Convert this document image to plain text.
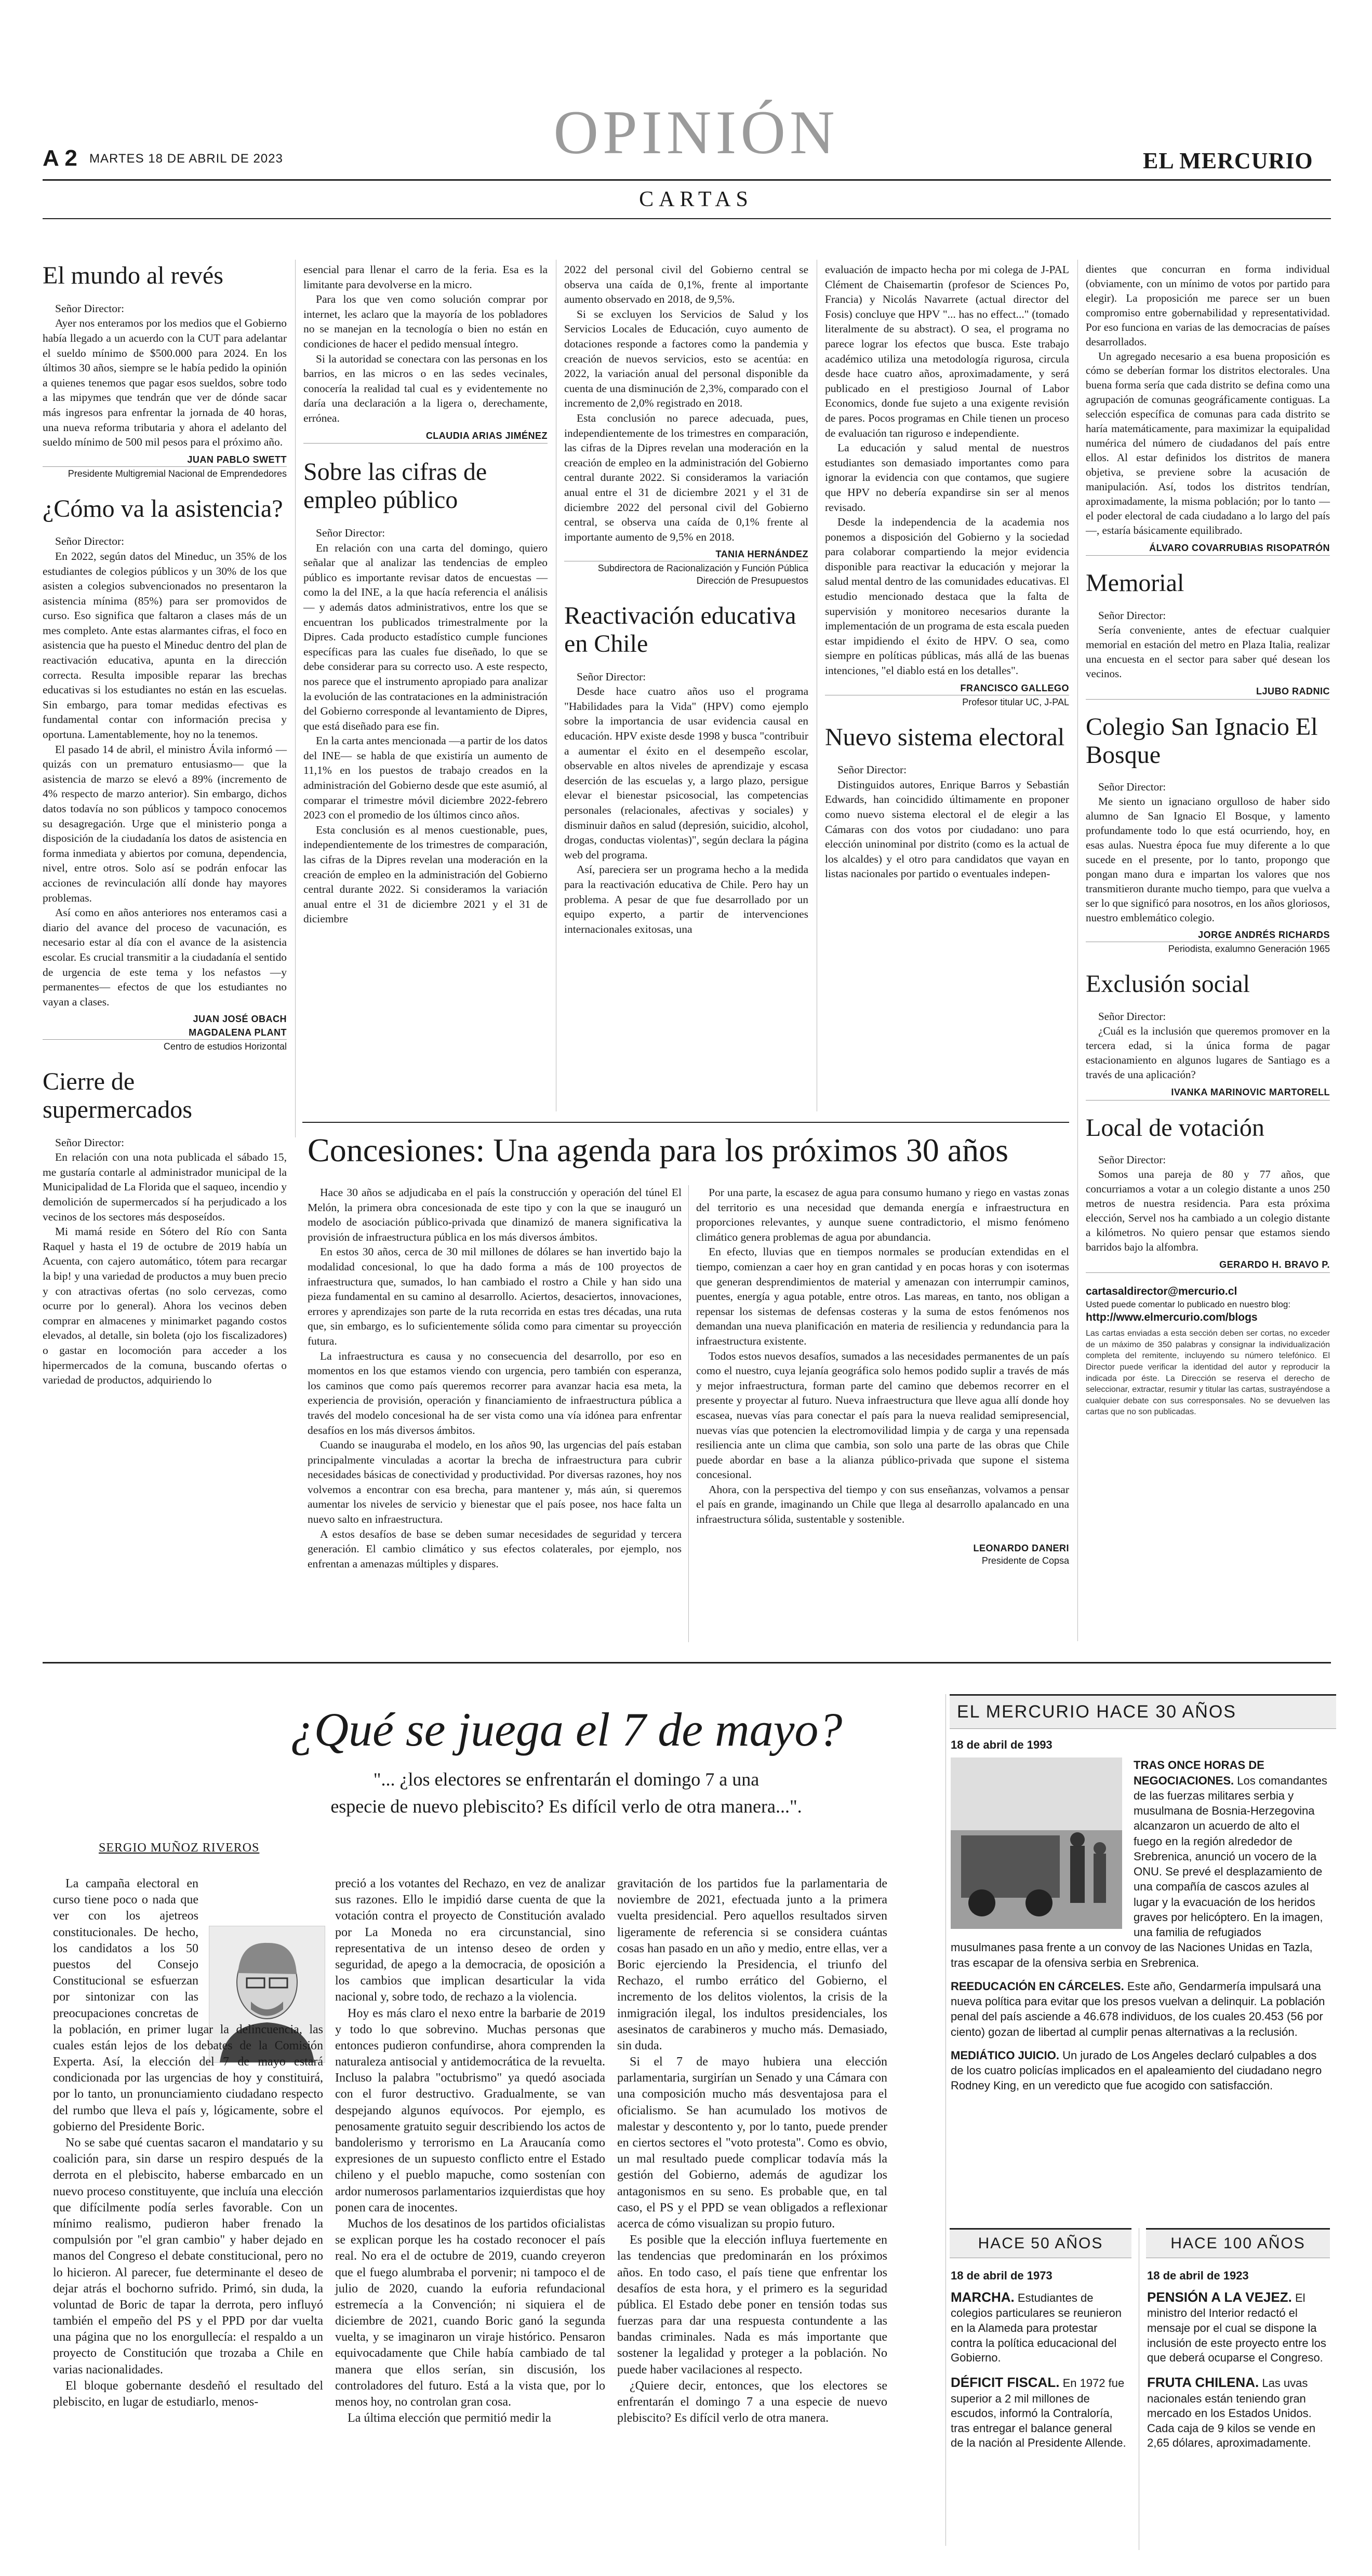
A 2 MARTES 18 DE ABRIL DE 2023	OPINIÓN	EL MERCURIO
CARTAS
El mundo al revés

Señor Director:

Ayer nos enteramos por los medios que el Gobierno había llegado a un acuerdo con la CUT para adelantar el sueldo mínimo de $500.000 para 2024. En los últimos 30 años, siempre se le había pedido la opinión a quienes tenemos que pagar esos sueldos, sobre todo a las mipymes que tendrán que ver de dónde sacar más ingresos para enfrentar la jornada de 40 horas, una nueva reforma tributaria y ahora el adelanto del sueldo mínimo de 500 mil pesos para el próximo año.

JUAN PABLO SWETT
Presidente Multigremial Nacional de Emprendedores
¿Cómo va la asistencia?

Señor Director:

En 2022, según datos del Mineduc, un 35% de los estudiantes de colegios públicos y un 30% de los que asisten a colegios subvencionados no presentaron la asistencia mínima (85%) para ser promovidos de curso. Eso significa que faltaron a clases más de un mes completo. Ante estas alarmantes cifras, el foco en asistencia que ha puesto el Mineduc dentro del plan de reactivación educativa, apunta en la dirección correcta. Resulta imposible reparar las brechas educativas si los estudiantes no están en las escuelas. Sin embargo, para tomar medidas efectivas es fundamental contar con información precisa y oportuna. Lamentablemente, hoy no la tenemos.

El pasado 14 de abril, el ministro Ávila informó —quizás con un prematuro entusiasmo— que la asistencia de marzo se elevó a 89% (incremento de 4% respecto de marzo anterior). Sin embargo, dichos datos todavía no son públicos y tampoco conocemos su desagregación. Urge que el ministerio ponga a disposición de la ciudadanía los datos de asistencia en forma inmediata y abiertos por comuna, dependencia, nivel, entre otros. Solo así se podrán enfocar las acciones de revinculación allí donde hay mayores problemas.

Así como en años anteriores nos enteramos casi a diario del avance del proceso de vacunación, es necesario estar al día con el avance de la asistencia escolar. Es crucial transmitir a la ciudadanía el sentido de urgencia de este tema y los nefastos —y permanentes— efectos de que los estudiantes no vayan a clases.

JUAN JOSÉ OBACH
MAGDALENA PLANT
Centro de estudios Horizontal
Cierre de supermercados

Señor Director:

En relación con una nota publicada el sábado 15, me gustaría contarle al administrador municipal de la Municipalidad de La Florida que el saqueo, incendio y demolición de supermercados sí ha perjudicado a los vecinos de los sectores más desposeídos.

Mi mamá reside en Sótero del Río con Santa Raquel y hasta el 19 de octubre de 2019 había un Acuenta, con cajero automático, tótem para recargar la bip! y una variedad de productos a muy buen precio y con atractivas ofertas (no solo cervezas, como ocurre por lo general). Ahora los vecinos deben comprar en almacenes y minimarket pagando costos elevados, al detalle, sin boleta (ojo los fiscalizadores) o gastar en locomoción para acceder a los hipermercados de la comuna, buscando ofertas o variedad de productos, adquiriendo lo

esencial para llenar el carro de la feria. Esa es la limitante para devolverse en la micro.

Para los que ven como solución comprar por internet, les aclaro que la mayoría de los pobladores no se manejan en la tecnología o bien no están en condiciones de hacer el pedido mensual íntegro.

Si la autoridad se conectara con las personas en los barrios, en las micros o en las sedes vecinales, conocería la realidad tal cual es y evidentemente no daría una declaración a la ligera o, derechamente, errónea.

CLAUDIA ARIAS JIMÉNEZ
Sobre las cifras de empleo público

Señor Director:

En relación con una carta del domingo, quiero señalar que al analizar las tendencias de empleo público es importante revisar datos de encuestas —como la del INE, a la que hacía referencia el análisis— y además datos administrativos, entre los que se encuentran los publicados trimestralmente por la Dipres. Cada producto estadístico cumple funciones específicas para las cuales fue diseñado, lo que se debe considerar para su correcto uso. A este respecto, nos parece que el instrumento apropiado para analizar la evolución de las contrataciones en la administración del Gobierno corresponde al levantamiento de Dipres, que está diseñado para ese fin.

En la carta antes mencionada —a partir de los datos del INE— se habla de que existiría un aumento de 11,1% en los puestos de trabajo creados en la administración del Gobierno desde que este asumió, al comparar el trimestre móvil diciembre 2022-febrero 2023 con el promedio de los últimos cinco años.

Esta conclusión es al menos cuestionable, pues, independientemente de los trimestres de comparación, las cifras de la Dipres revelan una moderación en la creación de empleo en la administración del Gobierno central durante 2022. Si consideramos la variación anual entre el 31 de diciembre 2021 y el 31 de diciembre

2022 del personal civil del Gobierno central se observa una caída de 0,1%, frente al importante aumento observado en 2018, de 9,5%.

Si se excluyen los Servicios de Salud y los Servicios Locales de Educación, cuyo aumento de dotaciones responde a factores como la pandemia y creación de nuevos servicios, esto se acentúa: en 2022, la variación anual del personal disponible da cuenta de una disminución de 2,3%, comparado con el incremento de 2,0% registrado en 2018.

Esta conclusión no parece adecuada, pues, independientemente de los trimestres en comparación, las cifras de la Dipres revelan una moderación en la creación de empleo en la administración del Gobierno central durante 2022. Si consideramos la variación anual entre el 31 de diciembre 2021 y el 31 de diciembre 2022 del personal civil del Gobierno central, se observa una caída de 0,1% frente al importante aumento de 9,5% en 2018.

TANIA HERNÁNDEZ
Subdirectora de Racionalización y Función Pública Dirección de Presupuestos
Reactivación educativa en Chile

Señor Director:

Desde hace cuatro años uso el programa "Habilidades para la Vida" (HPV) como ejemplo sobre la importancia de usar evidencia causal en educación. HPV existe desde 1998 y busca "contribuir a aumentar el éxito en el desempeño escolar, observable en altos niveles de aprendizaje y escasa deserción de las escuelas y, a largo plazo, persigue elevar el bienestar psicosocial, las competencias personales (relacionales, afectivas y sociales) y disminuir daños en salud (depresión, suicidio, alcohol, drogas, conductas violentas)", según declara la página web del programa.

Así, pareciera ser un programa hecho a la medida para la reactivación educativa de Chile. Pero hay un problema. A pesar de que fue desarrollado por un equipo experto, a partir de intervenciones internacionales exitosas, una

evaluación de impacto hecha por mi colega de J-PAL Clément de Chaisemartin (profesor de Sciences Po, Francia) y Nicolás Navarrete (actual director del Fosis) concluye que HPV "... has no effect..." (tomado literalmente de su abstract). O sea, el programa no parece lograr los efectos que busca. Este trabajo académico utiliza una metodología rigurosa, circula desde hace cuatro años, aproximadamente, y será publicado en el prestigioso Journal of Labor Economics, donde fue sujeto a una exigente revisión de pares. Pocos programas en Chile tienen un proceso de evaluación tan riguroso e independiente.

La educación y salud mental de nuestros estudiantes son demasiado importantes como para ignorar la evidencia con que contamos, que sugiere que HPV no debería expandirse sin ser al menos revisado.

Desde la independencia de la academia nos ponemos a disposición del Gobierno y la sociedad para colaborar compartiendo la mejor evidencia disponible para reactivar la educación y mejorar la salud mental dentro de las comunidades educativas. El estudio mencionado destaca que la falta de supervisión y monitoreo necesarios durante la implementación de un programa de esta escala pueden estar impidiendo el éxito de HPV. O sea, como siempre en políticas públicas, más allá de las buenas intenciones, "el diablo está en los detalles".

FRANCISCO GALLEGO
Profesor titular UC, J-PAL
Nuevo sistema electoral

Señor Director:

Distinguidos autores, Enrique Barros y Sebastián Edwards, han coincidido últimamente en proponer como nuevo sistema electoral el de elegir a las Cámaras con dos votos por ciudadano: uno para elección uninominal por distrito (como es la actual de los alcaldes) y el otro para candidatos que vayan en listas nacionales por partido o eventuales indepen-

dientes que concurran en forma individual (obviamente, con un mínimo de votos por partido para elegir). La proposición me parece ser un buen compromiso entre gobernabilidad y representatividad. Por eso funciona en varias de las democracias de países desarrollados.

Un agregado necesario a esa buena proposición es cómo se deberían formar los distritos electorales. Una buena forma sería que cada distrito se defina como una agrupación de comunas geográficamente contiguas. La selección específica de comunas para cada distrito se haría matemáticamente, para maximizar la equipalidad numérica del número de ciudadanos del país entre ellos. Al estar definidos los distritos de manera objetiva, se previene sobre la acusación de manipulación. Así, todos los distritos tendrían, aproximadamente, la misma población; por lo tanto —el poder electoral de cada ciudadano a lo largo del país—, estaría básicamente equilibrado.

ÁLVARO COVARRUBIAS RISOPATRÓN
Memorial

Señor Director:

Sería conveniente, antes de efectuar cualquier memorial en estación del metro en Plaza Italia, realizar una encuesta en el sector para saber qué desean los vecinos.

LJUBO RADNIC
Colegio San Ignacio El Bosque

Señor Director:

Me siento un ignaciano orgulloso de haber sido alumno de San Ignacio El Bosque, y lamento profundamente todo lo que está ocurriendo, hoy, en esas aulas. Nuestra época fue muy diferente a lo que sucede en el presente, por lo tanto, propongo que pongan mano dura e impartan los valores que nos transmitieron durante mucho tiempo, para que vuelva a ser lo que significó para nosotros, en los años gloriosos, nuestro emblemático colegio.

JORGE ANDRÉS RICHARDS
Periodista, exalumno Generación 1965
Exclusión social

Señor Director:

¿Cuál es la inclusión que queremos promover en la tercera edad, si la única forma de pagar estacionamiento en algunos lugares de Santiago es a través de una aplicación?

IVANKA MARINOVIC MARTORELL
Local de votación

Señor Director:

Somos una pareja de 80 y 77 años, que concurriamos a votar a un colegio distante a unos 250 metros de nuestra residencia. Para esta próxima elección, Servel nos ha cambiado a un colegio distante a kilómetros. No quiero pensar que estamos siendo barridos bajo la alfombra.

GERARDO H. BRAVO P.
cartasaldirector@mercurio.cl
Usted puede comentar lo publicado en nuestro blog:
http://www.elmercurio.com/blogs
Las cartas enviadas a esta sección deben ser cortas, no exceder de un máximo de 350 palabras y consignar la individualización completa del remitente, incluyendo su número telefónico. El Director puede verificar la identidad del autor y reproducir la indicada por éste. La Dirección se reserva el derecho de seleccionar, extractar, resumir y titular las cartas, sustrayéndose a cualquier debate con sus corresponsales. No se devuelven las cartas que no son publicadas.
Concesiones: Una agenda para los próximos 30 años

Hace 30 años se adjudicaba en el país la construcción y operación del túnel El Melón, la primera obra concesionada de este tipo y con la que se inauguró un modelo de asociación público-privada que dinamizó de manera significativa la provisión de infraestructura pública en los más diversos ámbitos.

En estos 30 años, cerca de 30 mil millones de dólares se han invertido bajo la modalidad concesional, lo que ha dado forma a más de 100 proyectos de infraestructura que, sumados, lo han cambiado el rostro a Chile y han sido una pieza fundamental en su camino al desarrollo. Aciertos, desaciertos, innovaciones, errores y aprendizajes son parte de la ruta recorrida en estas tres décadas, una ruta que, sin embargo, es lo suficientemente sólida como para cimentar su proyección futura.

La infraestructura es causa y no consecuencia del desarrollo, por eso en momentos en los que estamos viendo con urgencia, pero también con esperanza, los caminos que como país queremos recorrer para avanzar hacia esa meta, la experiencia de provisión, operación y financiamiento de infraestructura pública a través del modelo concesional ha de ser vista como una vía idónea para enfrentar desafíos en los más diversos ámbitos.

Cuando se inauguraba el modelo, en los años 90, las urgencias del país estaban principalmente vinculadas a acortar la brecha de infraestructura para cubrir necesidades básicas de conectividad y productividad. Por diversas razones, hoy nos volvemos a encontrar con esa brecha, para mantener y, más aún, si queremos aumentar los niveles de servicio y bienestar que el país posee, nos hace falta un nuevo salto en infraestructura.

A estos desafíos de base se deben sumar necesidades de seguridad y tercera generación. El cambio climático y sus efectos colaterales, por ejemplo, nos enfrentan a amenazas múltiples y dispares.

Por una parte, la escasez de agua para consumo humano y riego en vastas zonas del territorio es una necesidad que demanda energía e infraestructura en proporciones relevantes, y aunque suene contradictorio, el mismo fenómeno climático genera problemas de agua por abundancia.

En efecto, lluvias que en tiempos normales se producían extendidas en el tiempo, comienzan a caer hoy en gran cantidad y en pocas horas y con isotermas que generan desprendimientos de material y amenazan con interrumpir caminos, puentes, energía y agua potable, entre otros. Las mareas, en tanto, nos obligan a repensar los sistemas de defensas costeras y la suma de estos fenómenos nos demandan una nueva planificación en materia de resiliencia y redundancia para la infraestructura existente.

Todos estos nuevos desafíos, sumados a las necesidades permanentes de un país como el nuestro, cuya lejanía geográfica solo hemos podido suplir a través de más y mejor infraestructura, forman parte del camino que debemos recorrer en el presente y proyectar al futuro. Nueva infraestructura que lleve agua allí donde hoy escasea, nuevas vías para conectar el país para la nueva realidad semipresencial, nuevas vías que potencien la electromovilidad limpia y de carga y una repensada resiliencia ante un clima que cambia, son solo una parte de las obras que Chile puede abordar en base a la alianza público-privada que supone el sistema concesional.

Ahora, con la perspectiva del tiempo y con sus enseñanzas, volvamos a pensar el país en grande, imaginando un Chile que llega al desarrollo apalancado en una infraestructura sólida, sustentable y sostenible.

LEONARDO DANERI
Presidente de Copsa
¿Qué se juega el 7 de mayo?
"... ¿los electores se enfrentarán el domingo 7 a una
especie de nuevo plebiscito? Es difícil verlo de otra manera...".
SERGIO MUÑOZ RIVEROS

La campaña electoral en curso tiene poco o nada que ver con los ajetreos constitucionales. De hecho, los candidatos a los 50 puestos del Consejo Constitucional se esfuerzan por sintonizar con las preocupaciones concretas de la población, en primer lugar la delincuencia, las cuales están lejos de los debates de la Comisión Experta. Así, la elección del 7 de mayo estará condicionada por las urgencias de hoy y constituirá, por lo tanto, un pronunciamiento ciudadano respecto del rumbo que lleva el país y, lógicamente, sobre el gobierno del Presidente Boric.

No se sabe qué cuentas sacaron el mandatario y su coalición para, sin darse un respiro después de la derrota en el plebiscito, haberse embarcado en un nuevo proceso constituyente, que incluía una elección que difícilmente podía serles favorable. Con un mínimo realismo, pudieron haber frenado la compulsión por "el gran cambio" y haber dejado en manos del Congreso el debate constitucional, pero no lo hicieron. Al parecer, fue determinante el deseo de dejar atrás el bochorno sufrido. Primó, sin duda, la voluntad de Boric de tapar la derrota, pero influyó también el empeño del PS y el PPD por dar vuelta una página que no los enorgullecía: el respaldo a un proyecto de Constitución que trozaba a Chile en varias nacionalidades.

El bloque gobernante desdeñó el resultado del plebiscito, en lugar de estudiarlo, menos-

preció a los votantes del Rechazo, en vez de analizar sus razones. Ello le impidió darse cuenta de que la votación contra el proyecto de Constitución avalado por La Moneda no era circunstancial, sino representativa de un intenso deseo de orden y seguridad, de apego a la democracia, de oposición a los cambios que implican desarticular la vida nacional y, sobre todo, de rechazo a la violencia.

Hoy es más claro el nexo entre la barbarie de 2019 y todo lo que sobrevino. Muchas personas que entonces pudieron confundirse, ahora comprenden la naturaleza antisocial y antidemocrática de la revuelta. Incluso la palabra "octubrismo" ya quedó asociada con el furor destructivo. Gradualmente, se van despejando algunos equívocos. Por ejemplo, es penosamente gratuito seguir describiendo los actos de bandolerismo y terrorismo en La Araucanía como expresiones de un supuesto conflicto entre el Estado chileno y el pueblo mapuche, como sostenían con ardor numerosos parlamentarios izquierdistas que hoy ponen cara de inocentes.

Muchos de los desatinos de los partidos oficialistas se explican porque les ha costado reconocer el país real. No era el de octubre de 2019, cuando creyeron que el fuego alumbraba el porvenir; ni tampoco el de julio de 2020, cuando la euforia refundacional estremecía a la Convención; ni siquiera el de diciembre de 2021, cuando Boric ganó la segunda vuelta, y se imaginaron un viraje histórico. Pensaron equivocadamente que Chile había cambiado de tal manera que ellos serían, sin discusión, los controladores del futuro. Está a la vista que, por lo menos hoy, no controlan gran cosa.

La última elección que permitió medir la

gravitación de los partidos fue la parlamentaria de noviembre de 2021, efectuada junto a la primera vuelta presidencial. Pero aquellos resultados sirven ligeramente de referencia si se considera cuántas cosas han pasado en un año y medio, entre ellas, ver a Boric ejerciendo la Presidencia, el triunfo del Rechazo, el rumbo errático del Gobierno, el incremento de los delitos violentos, la crisis de la inmigración ilegal, los indultos presidenciales, los asesinatos de carabineros y mucho más. Demasiado, sin duda.

Si el 7 de mayo hubiera una elección parlamentaria, surgirían un Senado y una Cámara con una composición mucho más desventajosa para el oficialismo. Se han acumulado los motivos de malestar y descontento y, por lo tanto, puede prender en ciertos sectores el "voto protesta". Como es obvio, un mal resultado puede complicar todavía más la gestión del Gobierno, además de agudizar los antagonismos en su seno. Es probable que, en tal caso, el PS y el PPD se vean obligados a reflexionar acerca de cómo visualizan su propio futuro.

Es posible que la elección influya fuertemente en las tendencias que predominarán en los próximos años. En todo caso, el país tiene que enfrentar los desafíos de esta hora, y el primero es la seguridad pública. El Estado debe poner en tensión todas sus fuerzas para dar una respuesta contundente a las bandas criminales. Nada es más importante que sostener la legalidad y proteger a la población. No puede haber vacilaciones al respecto.

¿Quiere decir, entonces, que los electores se enfrentarán el domingo 7 a una especie de nuevo plebiscito? Es difícil verlo de otra manera.

EL MERCURIO HACE 30 AÑOS
18 de abril de 1993

TRAS ONCE HORAS DE NEGOCIACIONES. Los comandantes de las fuerzas militares serbia y musulmana de Bosnia-Herzegovina alcanzaron un acuerdo de alto el fuego en la región alrededor de Srebrenica, anunció un vocero de la ONU. Se prevé el desplazamiento de una compañía de cascos azules al lugar y la evacuación de los heridos graves por helicóptero. En la imagen, una familia de refugiados musulmanes pasa frente a un convoy de las Naciones Unidas en Tazla, tras escapar de la ofensiva serbia en Srebrenica.

REEDUCACIÓN EN CÁRCELES. Este año, Gendarmería impulsará una nueva política para evitar que los presos vuelvan a delinquir. La población penal del país asciende a 46.678 individuos, de los cuales 20.453 (56 por ciento) gozan de libertad al cumplir penas alternativas a la reclusión.

MEDIÁTICO JUICIO. Un jurado de Los Angeles declaró culpables a dos de los cuatro policías implicados en el apaleamiento del ciudadano negro Rodney King, en un veredicto que fue acogido con satisfacción.

HACE 50 AÑOS
18 de abril de 1973

MARCHA. Estudiantes de colegios particulares se reunieron en la Alameda para protestar contra la política educacional del Gobierno.

DÉFICIT FISCAL. En 1972 fue superior a 2 mil millones de escudos, informó la Contraloría, tras entregar el balance general de la nación al Presidente Allende.

HACE 100 AÑOS
18 de abril de 1923

PENSIÓN A LA VEJEZ. El ministro del Interior redactó el mensaje por el cual se dispone la inclusión de este proyecto entre los que deberá ocuparse el Congreso.

FRUTA CHILENA. Las uvas nacionales están teniendo gran mercado en los Estados Unidos. Cada caja de 9 kilos se vende en 2,65 dólares, aproximadamente.
